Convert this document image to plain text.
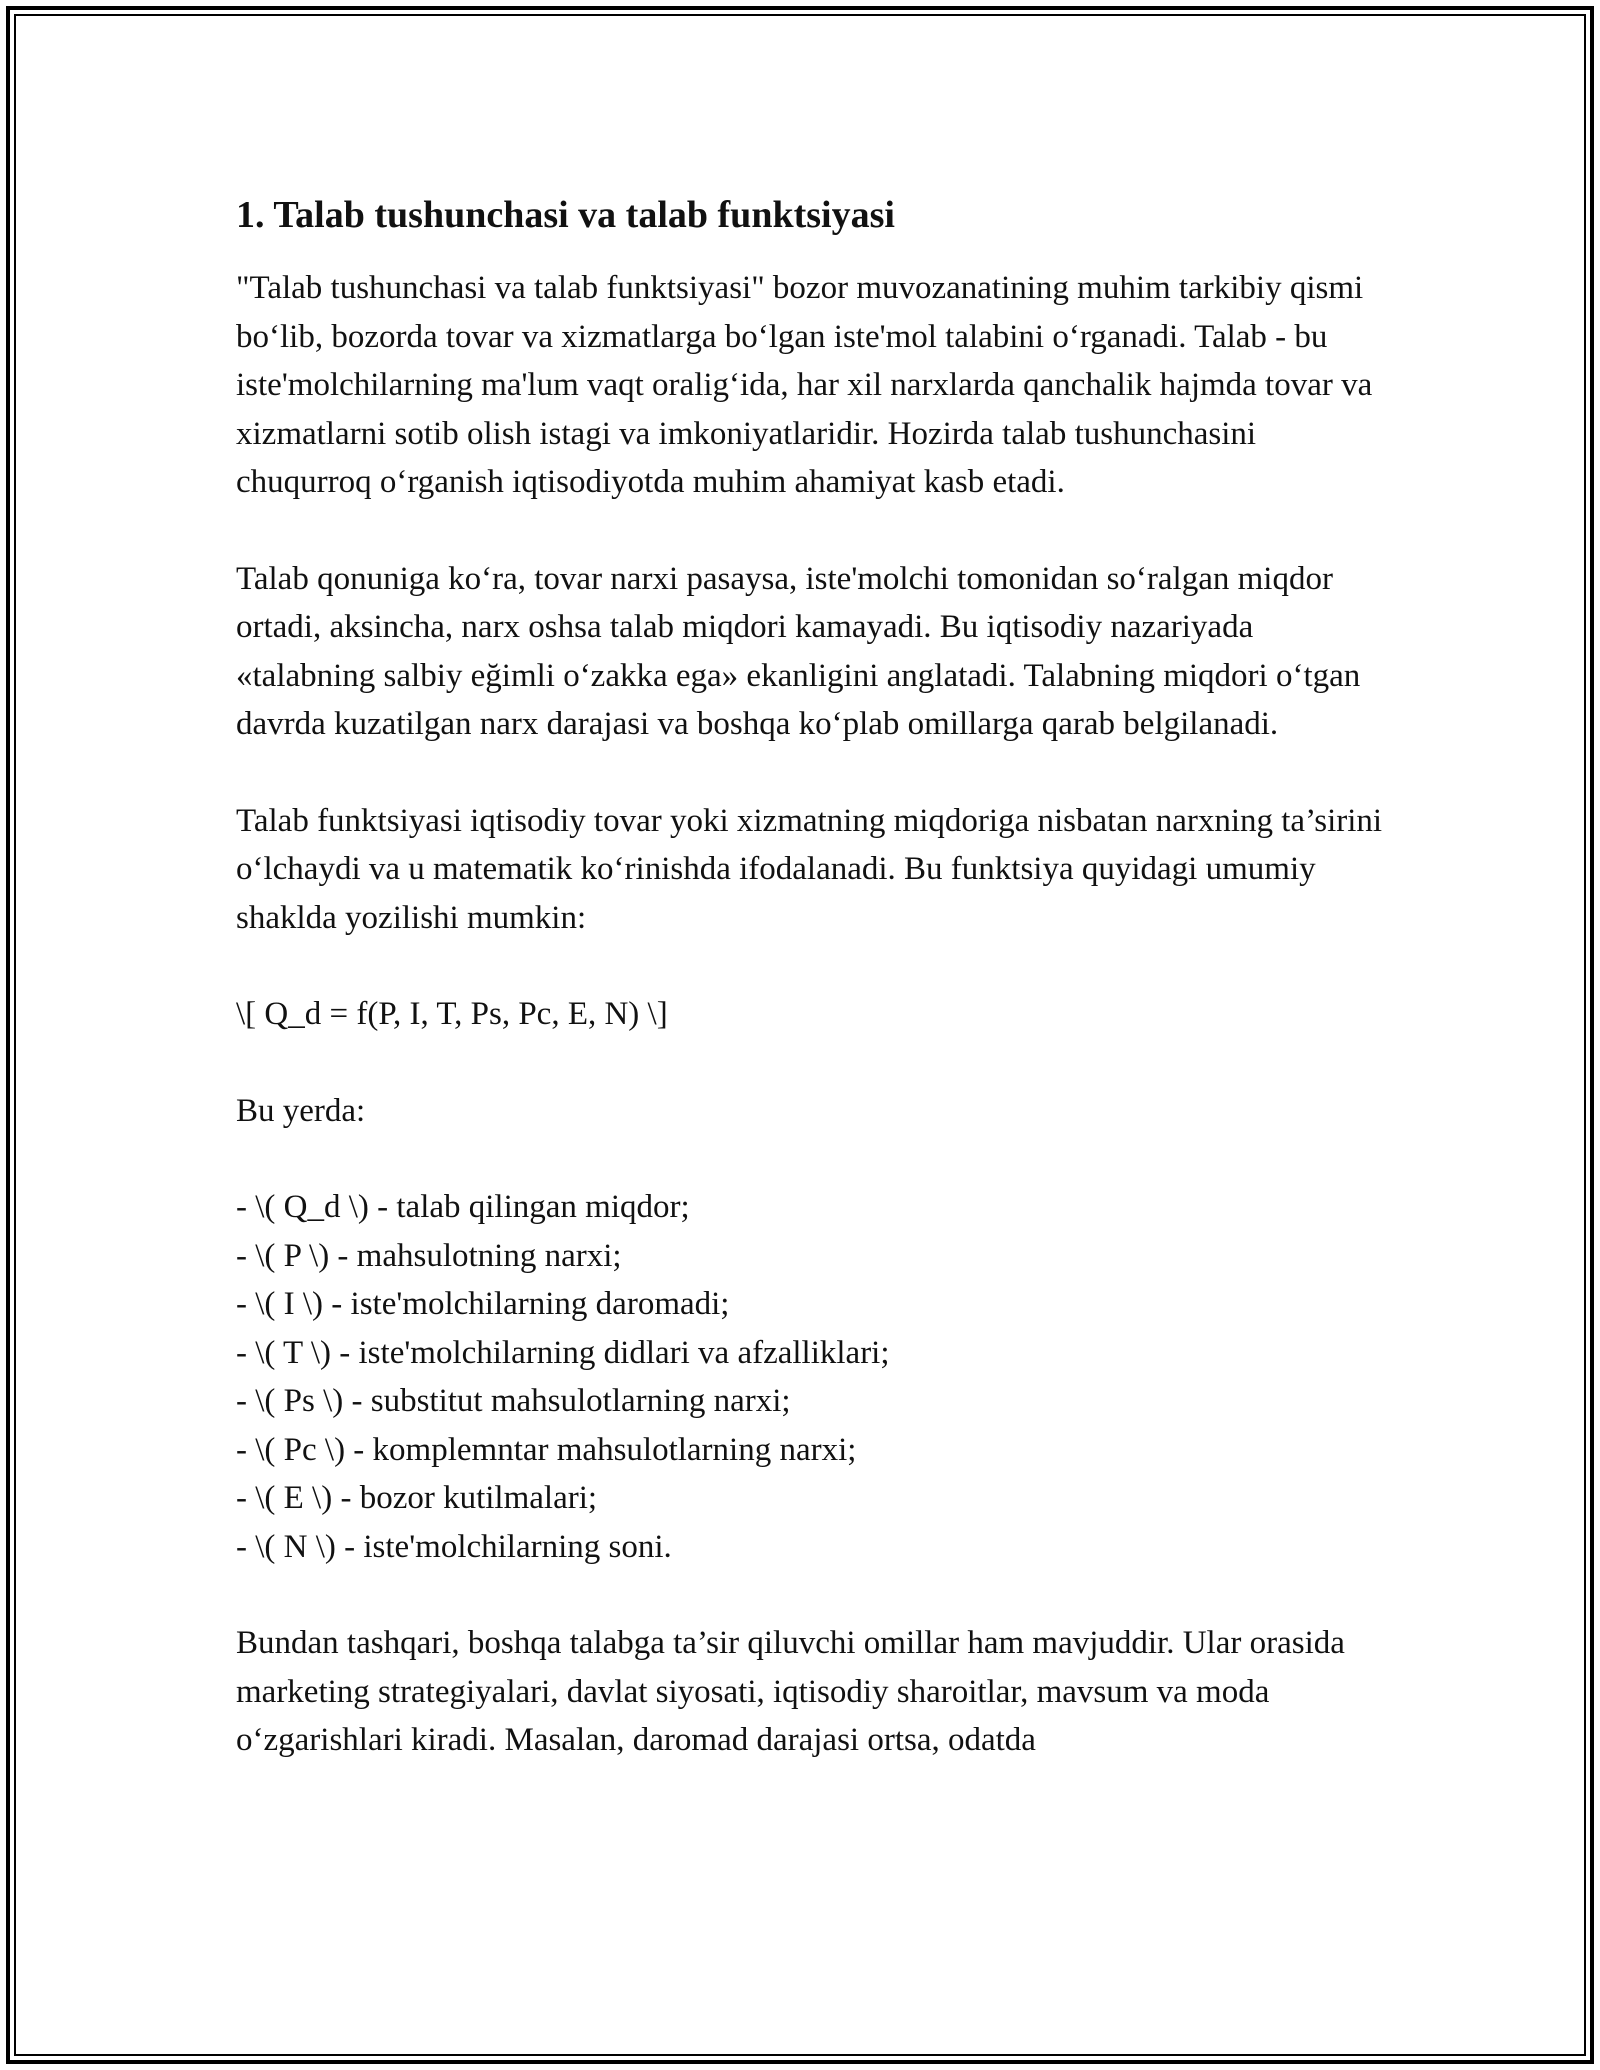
1. Talab tushunchasi va talab funktsiyasi

"Talab tushunchasi va talab funktsiyasi" bozor muvozanatining muhim tarkibiy qismi bo‘lib, bozorda tovar va xizmatlarga bo‘lgan iste'mol talabini o‘rganadi. Talab - bu iste'molchilarning ma'lum vaqt oralig‘ida, har xil narxlarda qanchalik hajmda tovar va xizmatlarni sotib olish istagi va imkoniyatlaridir. Hozirda talab tushunchasini chuqurroq o‘rganish iqtisodiyotda muhim ahamiyat kasb etadi.

Talab qonuniga ko‘ra, tovar narxi pasaysa, iste'molchi tomonidan so‘ralgan miqdor ortadi, aksincha, narx oshsa talab miqdori kamayadi. Bu iqtisodiy nazariyada «talabning salbiy eğimli o‘zakka ega» ekanligini anglatadi. Talabning miqdori o‘tgan davrda kuzatilgan narx darajasi va boshqa ko‘plab omillarga qarab belgilanadi.

Talab funktsiyasi iqtisodiy tovar yoki xizmatning miqdoriga nisbatan narxning ta’sirini o‘lchaydi va u matematik ko‘rinishda ifodalanadi. Bu funktsiya quyidagi umumiy shaklda yozilishi mumkin:

\[ Q_d = f(P, I, T, Ps, Pc, E, N) \]

Bu yerda:

- \( Q_d \) - talab qilingan miqdor;
- \( P \) - mahsulotning narxi;
- \( I \) - iste'molchilarning daromadi;
- \( T \) - iste'molchilarning didlari va afzalliklari;
- \( Ps \) - substitut mahsulotlarning narxi;
- \( Pc \) - komplemntar mahsulotlarning narxi;
- \( E \) - bozor kutilmalari;
- \( N \) - iste'molchilarning soni.

Bundan tashqari, boshqa talabga ta’sir qiluvchi omillar ham mavjuddir. Ular orasida marketing strategiyalari, davlat siyosati, iqtisodiy sharoitlar, mavsum va moda o‘zgarishlari kiradi. Masalan, daromad darajasi ortsa, odatda
